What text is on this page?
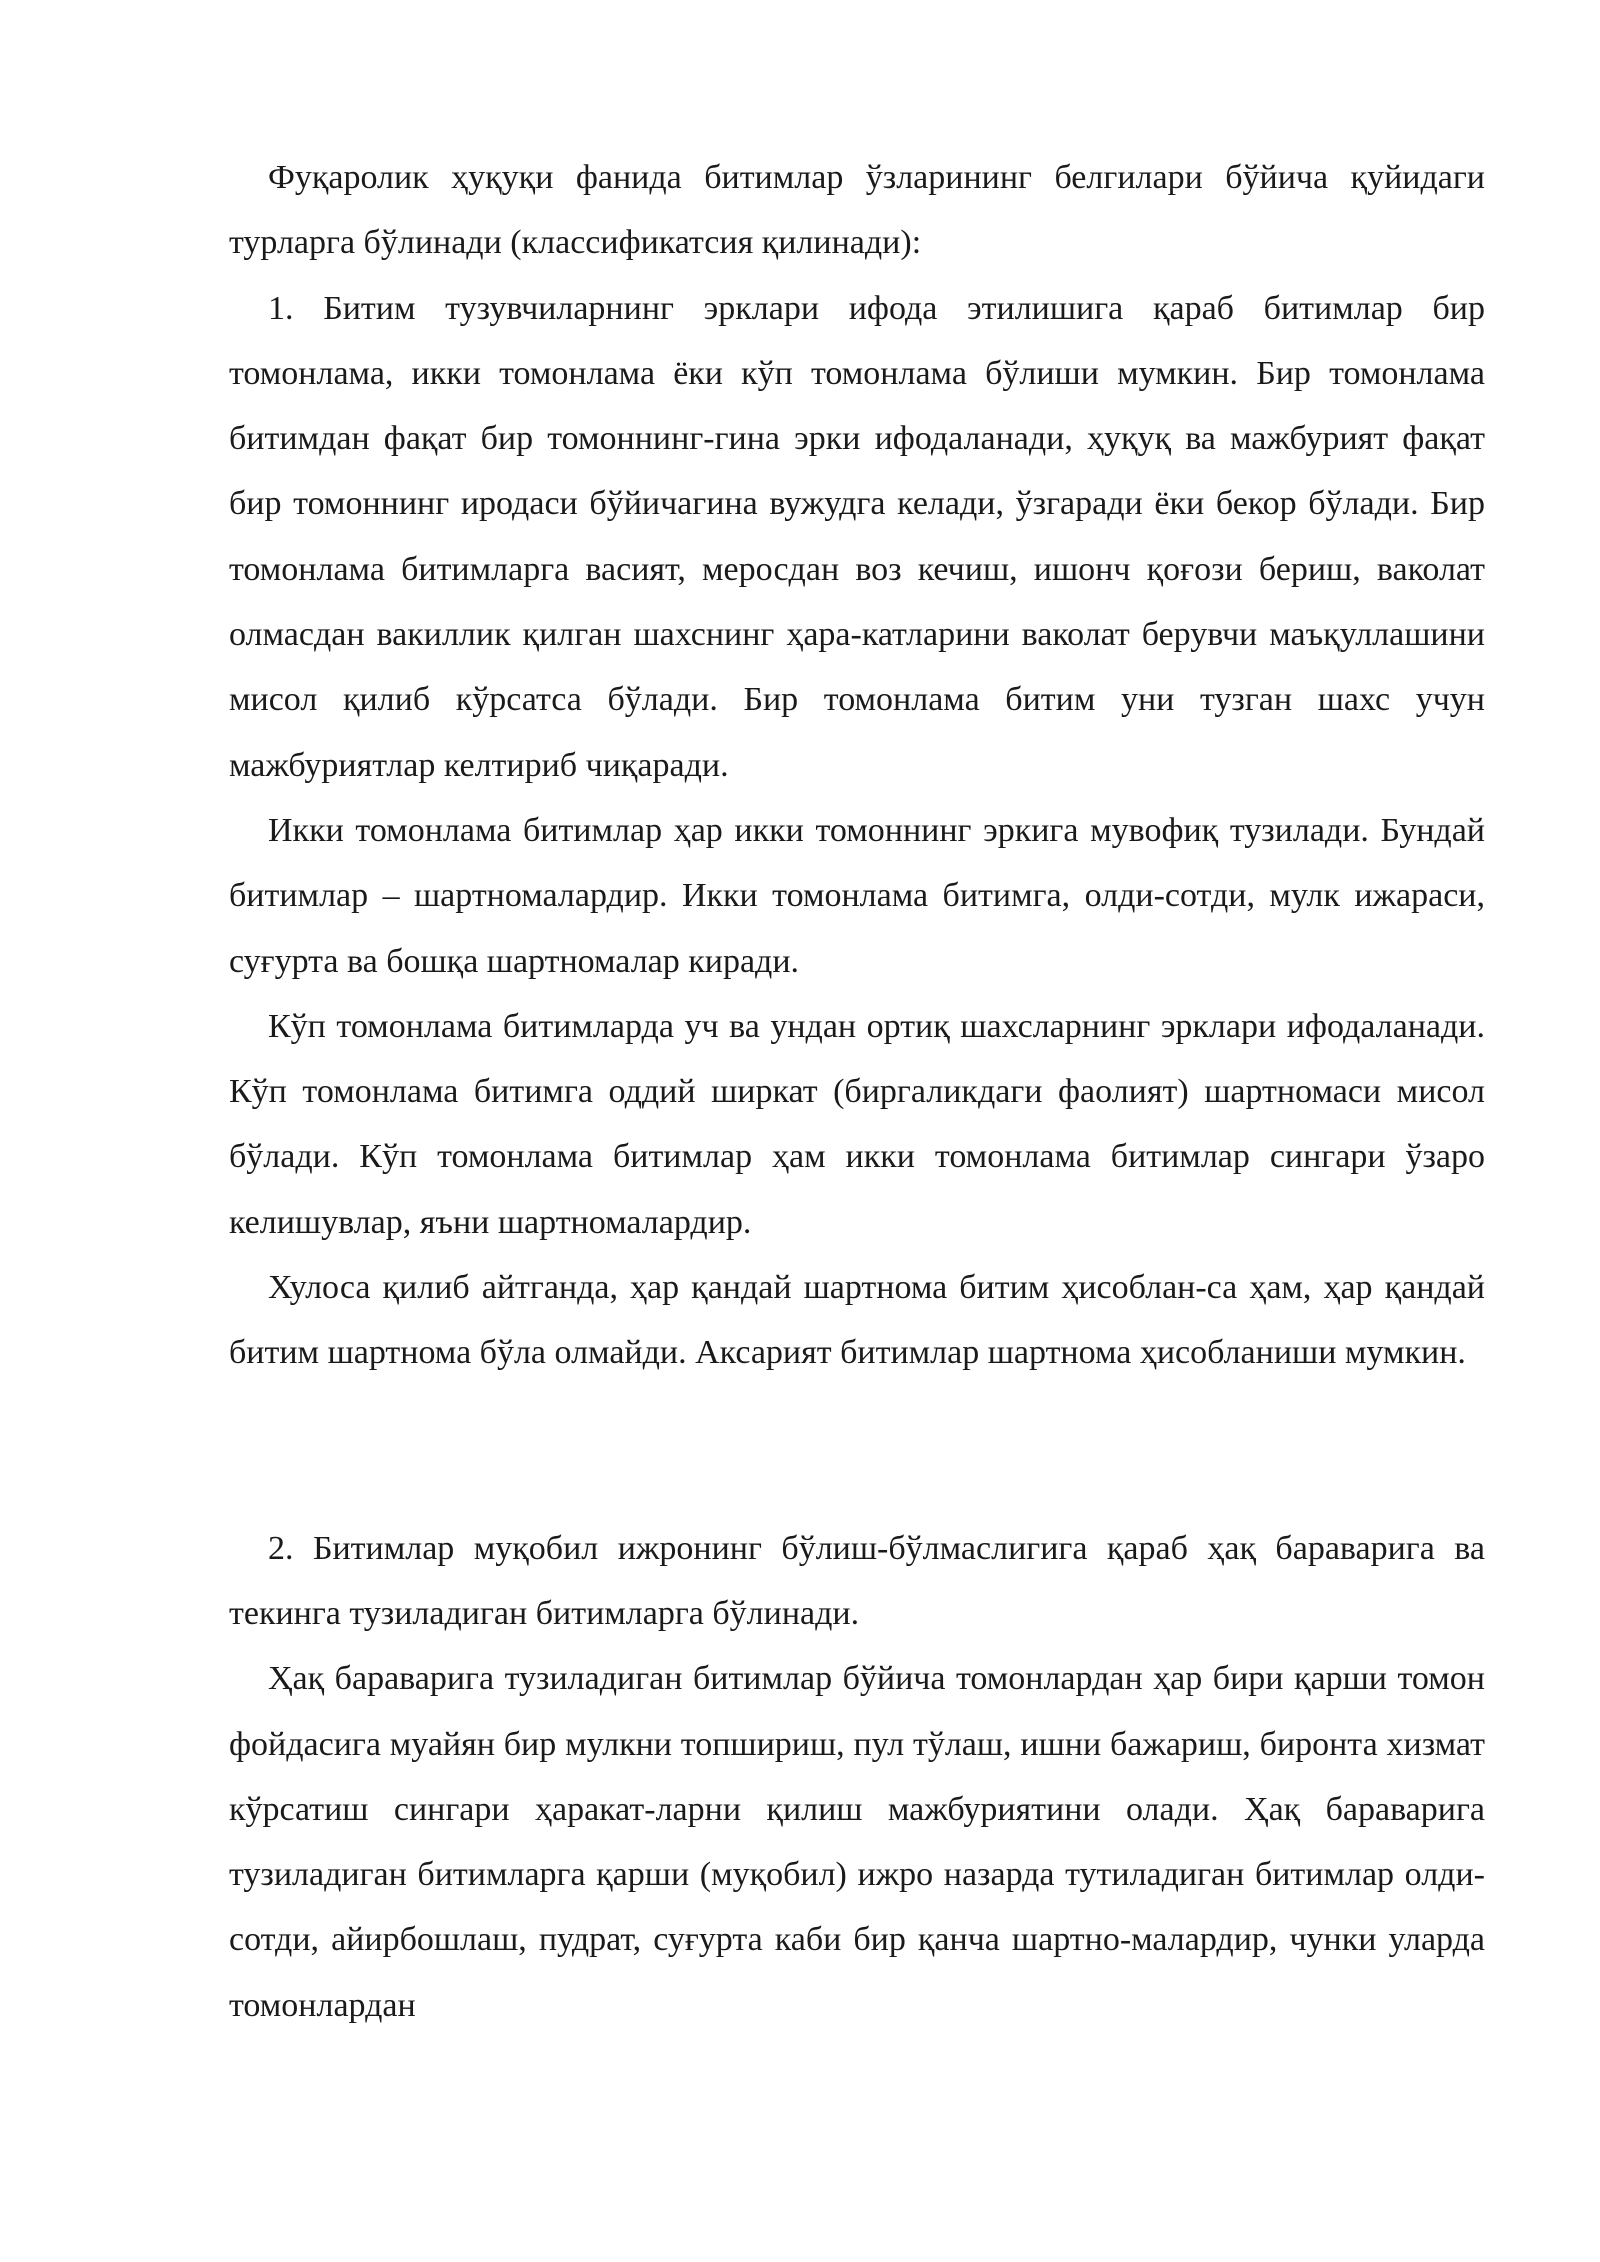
Фуқаролик ҳуқуқи фанида битимлар ўзларининг белгилари бўйича қуйидаги турларга бўлинади (классификатсия қилинади):

1. Битим тузувчиларнинг эрклари ифода этилишига қараб битимлар бир томонлама, икки томонлама ёки кўп томонлама бўлиши мумкин. Бир томонлама битимдан фақат бир томоннинг-гина эрки ифодаланади, ҳуқуқ ва мажбурият фақат бир томоннинг иродаси бўйичагина вужудга келади, ўзгаради ёки бекор бўлади. Бир томонлама битимларга васият, меросдан воз кечиш, ишонч қоғози бериш, ваколат олмасдан вакиллик қилган шахснинг ҳара-катларини ваколат берувчи маъқуллашини мисол қилиб кўрсатса бўлади. Бир томонлама битим уни тузган шахс учун мажбуриятлар келтириб чиқаради.

Икки томонлама битимлар ҳар икки томоннинг эркига мувофиқ тузилади. Бундай битимлар – шартномалардир. Икки томонлама битимга, олди-сотди, мулк ижараси, суғурта ва бошқа шартномалар киради.

Кўп томонлама битимларда уч ва ундан ортиқ шахсларнинг эрклари ифодаланади. Кўп томонлама битимга оддий ширкат (биргаликдаги фаолият) шартномаси мисол бўлади. Кўп томонлама битимлар ҳам икки томонлама битимлар сингари ўзаро келишувлар, яъни шартномалардир.

Хулоса қилиб айтганда, ҳар қандай шартнома битим ҳисоблан-са ҳам, ҳар қандай битим шартнома бўла олмайди. Аксарият битимлар шартнома ҳисобланиши мумкин.

2. Битимлар муқобил ижронинг бўлиш-бўлмаслигига қараб ҳақ бараварига ва текинга тузиладиган битимларга бўлинади.

Ҳақ бараварига тузиладиган битимлар бўйича томонлардан ҳар бири қарши томон фойдасига муайян бир мулкни топшириш, пул тўлаш, ишни бажариш, биронта хизмат кўрсатиш сингари ҳаракат-ларни қилиш мажбуриятини олади. Ҳақ бараварига тузиладиган битимларга қарши (муқобил) ижро назарда тутиладиган битимлар олди-сотди, айирбошлаш, пудрат, суғурта каби бир қанча шартно-малардир, чунки уларда томонлардан
